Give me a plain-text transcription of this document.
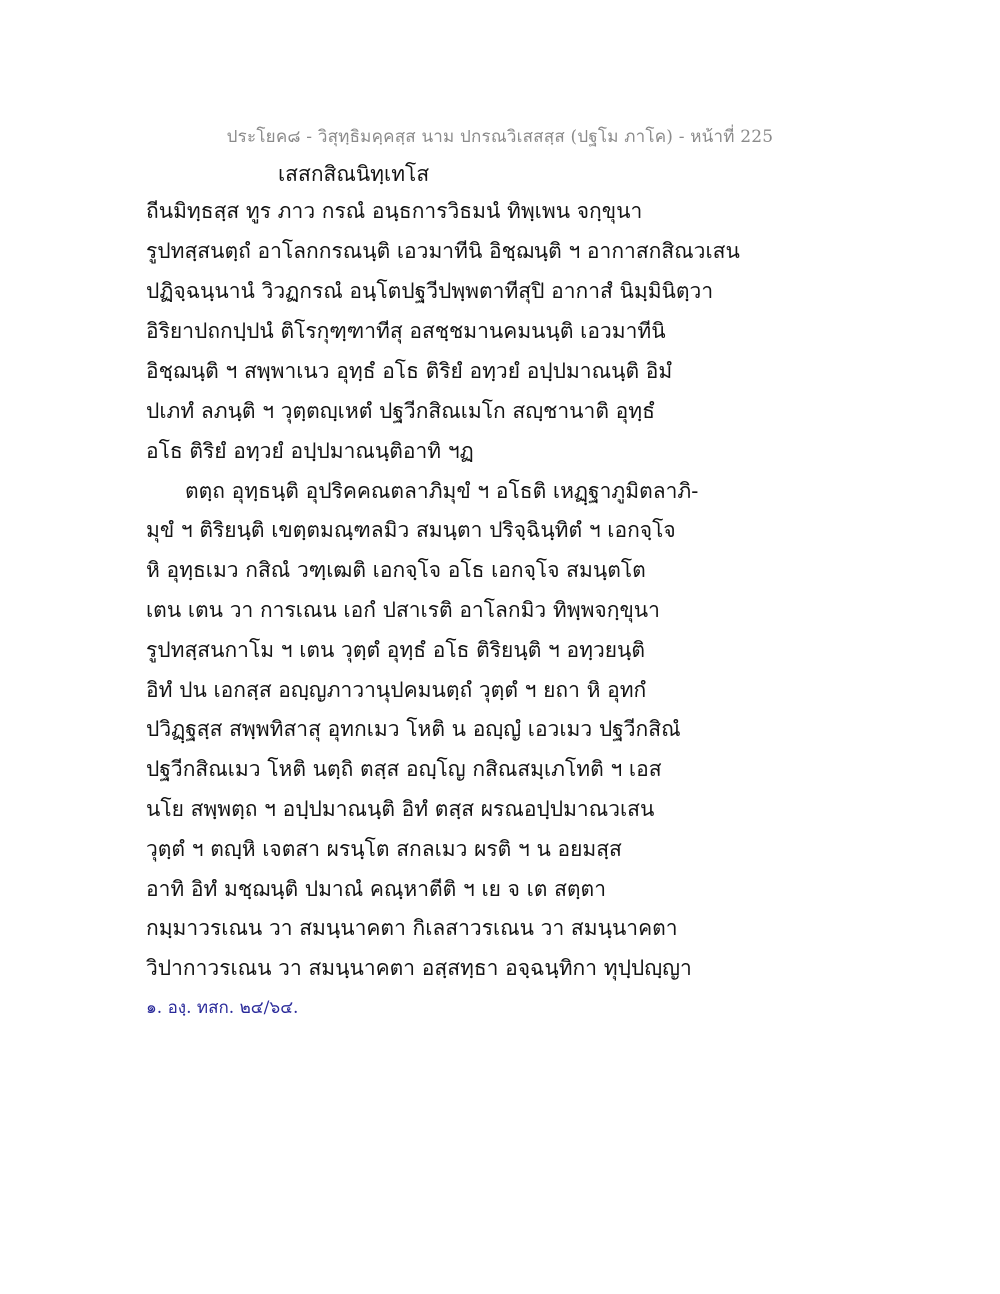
ประโยค๘ - วิสุทฺธิมคฺคสฺส นาม ปกรณวิเสสสฺส (ปฐโม ภาโค) - หน้าที่ 225
เสสกสิณนิทฺเทโส
ถีนมิทฺธสฺส ทูร ภาว กรณํ อนฺธการวิธมนํ ทิพฺเพน จกฺขุนา
รูปทสฺสนตฺถํ อาโลกกรณนฺติ เอวมาทีนิ อิชฺฌนฺติ ฯ อากาสกสิณวเสน
ปฏิจฺฉนฺนานํ วิวฏกรณํ อนฺโตปฐวีปพฺพตาทีสุปิ อากาสํ นิมฺมินิตฺวา
อิริยาปถกปฺปนํ ติโรกุฑฺฑาทีสุ อสชฺชมานคมนนฺติ เอวมาทีนิ
อิชฺฌนฺติ ฯ สพฺพาเนว อุทฺธํ อโธ ติริยํ อทฺวยํ อปฺปมาณนฺติ อิมํ
ปเภทํ ลภนฺติ ฯ วุตฺตญฺเหตํ ปฐวีกสิณเมโก สญฺชานาติ อุทฺธํ
อโธ ติริยํ อทฺวยํ อปฺปมาณนฺติอาทิ ฯฏ
ตตฺถ อุทฺธนฺติ อุปริคคณตลาภิมุขํ ฯ อโธติ เหฏฺฐาภูมิตลาภิ-
มุขํ ฯ ติริยนฺติ เขตฺตมณฺฑลมิว สมนฺตา ปริจฺฉินฺทิตํ ฯ เอกจฺโจ
หิ อุทฺธเมว กสิณํ วฑฺเฒติ เอกจฺโจ อโธ เอกจฺโจ สมนฺตโต
เตน เตน วา การเณน เอกํ ปสาเรติ อาโลกมิว ทิพฺพจกฺขุนา
รูปทสฺสนกาโม ฯ เตน วุตฺตํ อุทฺธํ อโธ ติริยนฺติ ฯ อทฺวยนฺติ
อิทํ ปน เอกสฺส อญฺญภาวานุปคมนตฺถํ วุตฺตํ ฯ ยถา หิ อุทกํ
ปวิฏฺฐสฺส สพฺพทิสาสุ อุทกเมว โหติ น อญฺญํ เอวเมว ปฐวีกสิณํ
ปฐวีกสิณเมว โหติ นตฺถิ ตสฺส อญฺโญ กสิณสมฺเภโทติ ฯ เอส
นโย สพฺพตฺถ ฯ อปฺปมาณนฺติ อิทํ ตสฺส ผรณอปฺปมาณวเสน
วุตฺตํ ฯ ตญฺหิ เจตสา ผรนฺโต สกลเมว ผรติ ฯ น อยมสฺส
อาทิ อิทํ มชฺฌนฺติ ปมาณํ คณฺหาตีติ ฯ เย จ เต สตฺตา
กมฺมาวรเณน วา สมนฺนาคตา กิเลสาวรเณน วา สมนฺนาคตา
วิปากาวรเณน วา สมนฺนาคตา อสฺสทฺธา อจฺฉนฺทิกา ทุปฺปญฺญา
๑. องฺ. ทสก. ๒๔/๖๔.
